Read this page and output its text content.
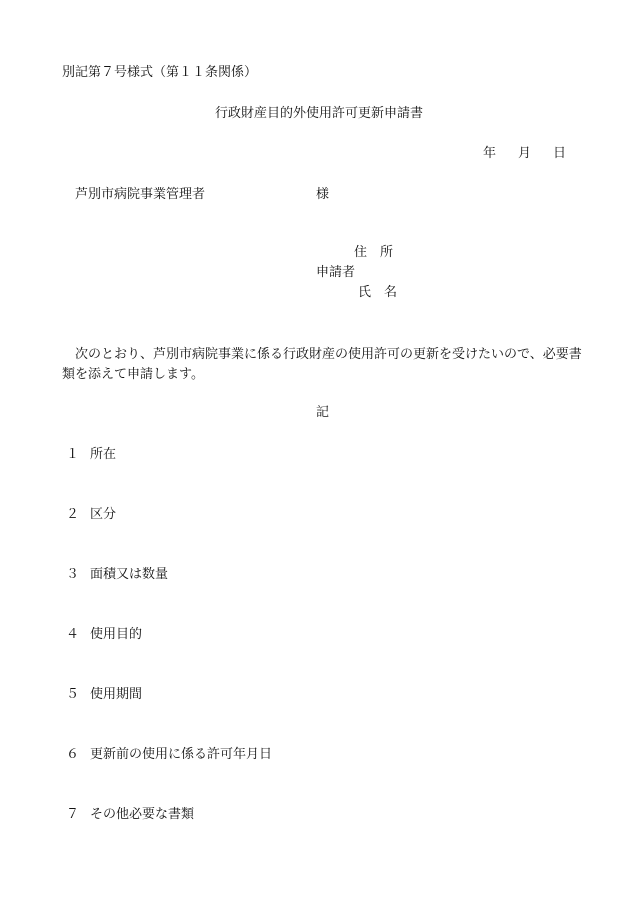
別記第７号様式（第１１条関係）
行政財産目的外使用許可更新申請書
年 月 日
芦別市病院事業管理者	様
住　所
申請者
氏　名
次のとおり、芦別市病院事業に係る行政財産の使用許可の更新を受けたいので、必要書類を添えて申請します。
記
１ 所在
２ 区分
３ 面積又は数量
４ 使用目的
５ 使用期間
６ 更新前の使用に係る許可年月日
７ その他必要な書類
